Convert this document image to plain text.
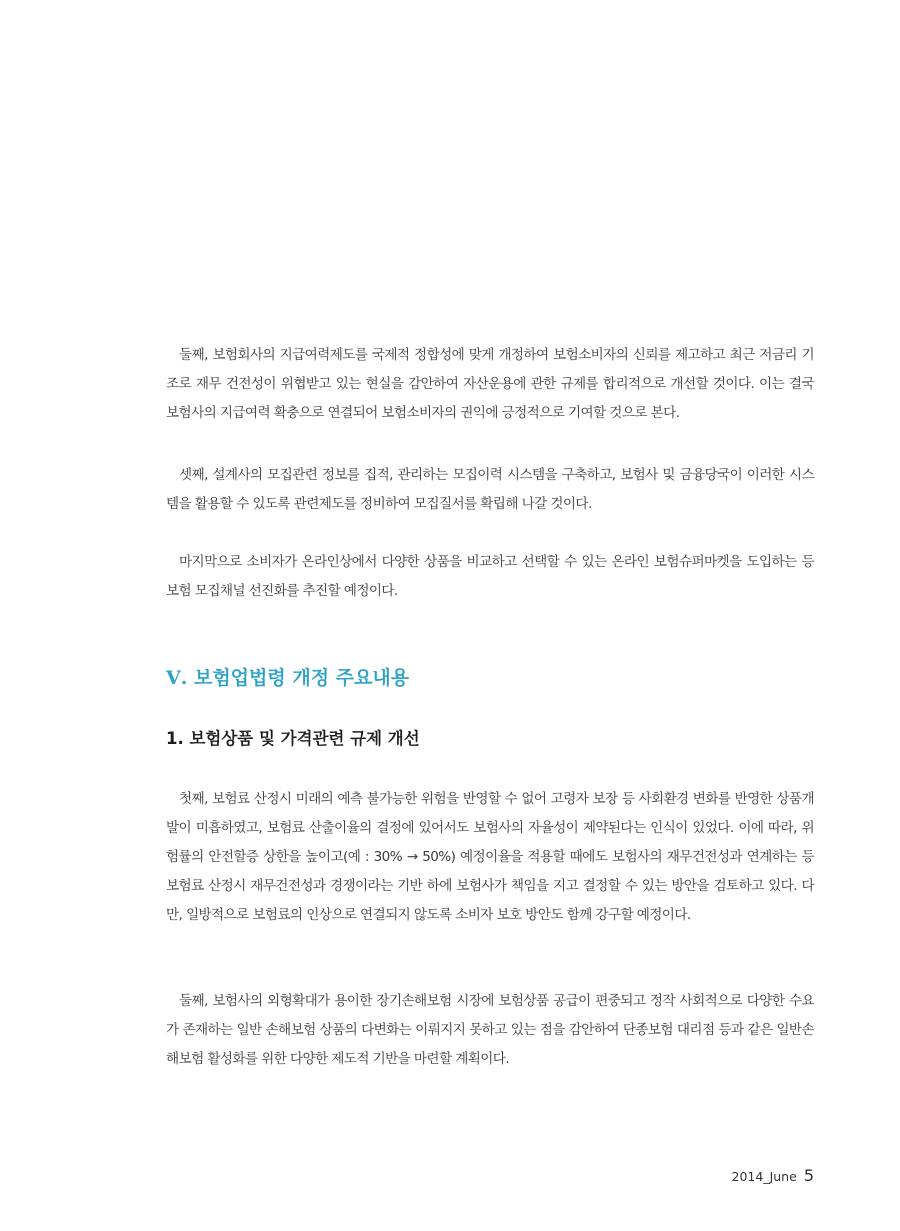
둘째, 보험회사의 지급여력제도를 국제적 정합성에 맞게 개정하여 보험소비자의 신뢰를 제고하고 최근 저금리 기조로 재무 건전성이 위협받고 있는 현실을 감안하여 자산운용에 관한 규제를 합리적으로 개선할 것이다. 이는 결국 보험사의 지급여력 확충으로 연결되어 보험소비자의 권익에 긍정적으로 기여할 것으로 본다.

셋째, 설계사의 모집관련 정보를 집적, 관리하는 모집이력 시스템을 구축하고, 보험사 및 금융당국이 이러한 시스템을 활용할 수 있도록 관련제도를 정비하여 모집질서를 확립해 나갈 것이다.

마지막으로 소비자가 온라인상에서 다양한 상품을 비교하고 선택할 수 있는 온라인 보험슈퍼마켓을 도입하는 등 보험 모집채널 선진화를 추진할 예정이다.

Ⅴ. 보험업법령 개정 주요내용
1. 보험상품 및 가격관련 규제 개선

첫째, 보험료 산정시 미래의 예측 불가능한 위험을 반영할 수 없어 고령자 보장 등 사회환경 변화를 반영한 상품개발이 미흡하였고, 보험료 산출이율의 결정에 있어서도 보험사의 자율성이 제약된다는 인식이 있었다. 이에 따라, 위험률의 안전할증 상한을 높이고(예 : 30% → 50%) 예정이율을 적용할 때에도 보험사의 재무건전성과 연계하는 등 보험료 산정시 재무건전성과 경쟁이라는 기반 하에 보험사가 책임을 지고 결정할 수 있는 방안을 검토하고 있다. 다만, 일방적으로 보험료의 인상으로 연결되지 않도록 소비자 보호 방안도 함께 강구할 예정이다.

둘째, 보험사의 외형확대가 용이한 장기손해보험 시장에 보험상품 공급이 편중되고 정작 사회적으로 다양한 수요가 존재하는 일반 손해보험 상품의 다변화는 이뤄지지 못하고 있는 점을 감안하여 단종보험 대리점 등과 같은 일반손해보험 활성화를 위한 다양한 제도적 기반을 마련할 계획이다.

2014_June 5
